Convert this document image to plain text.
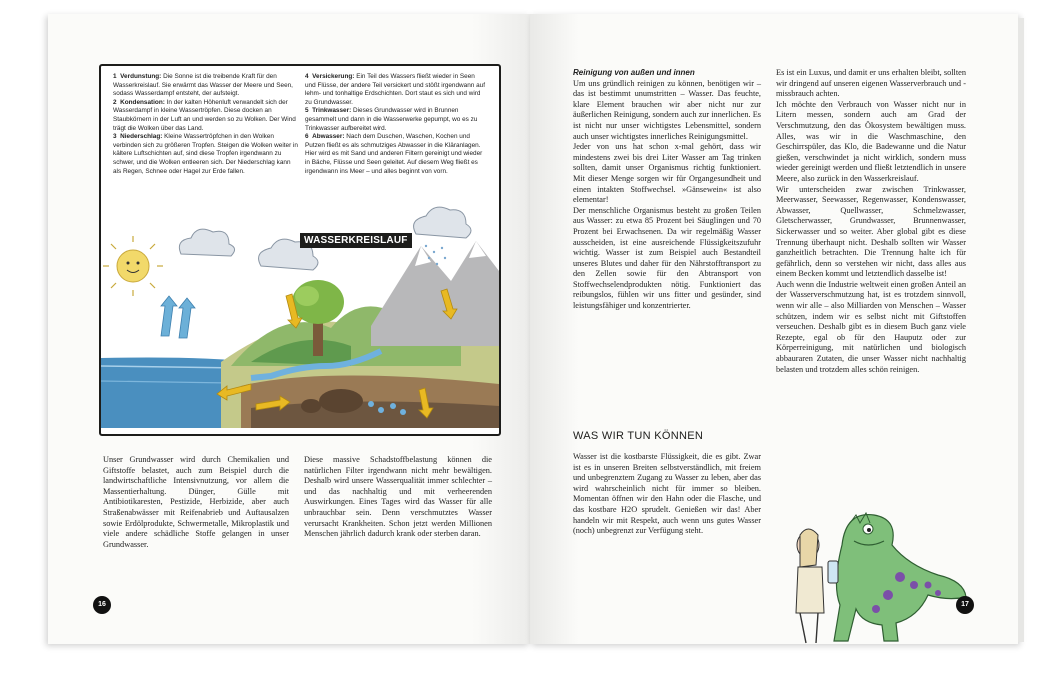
1 Verdunstung: Die Sonne ist die treibende Kraft für den Wasserkreislauf. Sie erwärmt das Wasser der Meere und Seen, sodass Wasserdampf entsteht, der aufsteigt.

2 Kondensation: In der kalten Höhenluft verwandelt sich der Wasserdampf in kleine Wassertröpfen. Diese docken an Staubkörnern in der Luft an und werden so zu Wolken. Der Wind trägt die Wolken über das Land.

3 Niederschlag: Kleine Wassertröpfchen in den Wolken verbinden sich zu größeren Tropfen. Steigen die Wolken weiter in kältere Luftschichten auf, sind diese Tropfen irgendwann zu schwer, und die Wolken entleeren sich. Der Niederschlag kann als Regen, Schnee oder Hagel zur Erde fallen.

4 Versickerung: Ein Teil des Wassers fließt wieder in Seen und Flüsse, der andere Teil versickert und stößt irgendwann auf lehm- und tonhaltige Erdschichten. Dort staut es sich und wird zu Grundwasser.

5 Trinkwasser: Dieses Grundwasser wird in Brunnen gesammelt und dann in die Wasserwerke gepumpt, wo es zu Trinkwasser aufbereitet wird.

6 Abwasser: Nach dem Duschen, Waschen, Kochen und Putzen fließt es als schmutziges Abwasser in die Kläranlagen. Hier wird es mit Sand und anderen Filtern gereinigt und wieder in Bäche, Flüsse und Seen geleitet. Auf diesem Weg fließt es irgendwann ins Meer – und alles beginnt von vorn.

WASSERKREISLAUF

Unser Grundwasser wird durch Chemikalien und Giftstoffe belastet, auch zum Beispiel durch die landwirtschaftliche Intensivnutzung, vor allem die Massentierhaltung. Dünger, Gülle mit Antibiotikaresten, Pestizide, Herbizide, aber auch Straßenabwässer mit Reifenabrieb und Auftausalzen sowie Erdölprodukte, Schwermetalle, Mikroplastik und viele andere schädliche Stoffe gelangen in unser Grundwasser.

Diese massive Schadstoffbelastung können die natürlichen Filter irgendwann nicht mehr bewältigen. Deshalb wird unsere Wasserqualität immer schlechter – und das nachhaltig und mit verheerenden Auswirkungen. Eines Tages wird das Wasser für alle unbrauchbar sein. Denn verschmutztes Wasser verursacht Krankheiten. Schon jetzt werden Millionen Menschen jährlich dadurch krank oder sterben daran.

16

Reinigung von außen und innen

Um uns gründlich reinigen zu können, benötigen wir – das ist bestimmt unumstritten – Wasser. Das feuchte, klare Element brauchen wir aber nicht nur zur äußerlichen Reinigung, sondern auch zur innerlichen. Es ist nicht nur unser wichtigstes Lebensmittel, sondern auch unser wichtigstes innerliches Reinigungsmittel.

Jeder von uns hat schon x-mal gehört, dass wir mindestens zwei bis drei Liter Wasser am Tag trinken sollten, damit unser Organismus richtig funktioniert. Mit dieser Menge sorgen wir für Organgesundheit und einen intakten Stoffwechsel. »Gänsewein« ist also elementar!

Der menschliche Organismus besteht zu großen Teilen aus Wasser: zu etwa 85 Prozent bei Säuglingen und 70 Prozent bei Erwachsenen. Da wir regelmäßig Wasser ausscheiden, ist eine ausreichende Flüssigkeitszufuhr wichtig. Wasser ist zum Beispiel auch Bestandteil unseres Blutes und daher für den Nährstofftransport zu den Zellen sowie für den Abtransport von Stoffwechselendprodukten nötig. Funktioniert das reibungslos, fühlen wir uns fitter und gesünder, sind leistungsfähiger und konzentrierter.

WAS WIR TUN KÖNNEN

Wasser ist die kostbarste Flüssigkeit, die es gibt. Zwar ist es in unseren Breiten selbstverständlich, mit freiem und unbegrenztem Zugang zu Wasser zu leben, aber das wird wahrscheinlich nicht für immer so bleiben. Momentan öffnen wir den Hahn oder die Flasche, und das kostbare H2O sprudelt. Genießen wir das! Aber handeln wir mit Respekt, auch wenn uns gutes Wasser (noch) unbegrenzt zur Verfügung steht.

Es ist ein Luxus, und damit er uns erhalten bleibt, sollten wir dringend auf unseren eigenen Wasserverbrauch und -missbrauch achten.

Ich möchte den Verbrauch von Wasser nicht nur in Litern messen, sondern auch am Grad der Verschmutzung, den das Ökosystem bewältigen muss. Alles, was wir in die Waschmaschine, den Geschirrspüler, das Klo, die Badewanne und die Natur gießen, verschwindet ja nicht wirklich, sondern muss wieder gereinigt werden und fließt letztendlich in unsere Meere, also zurück in den Wasserkreislauf.

Wir unterscheiden zwar zwischen Trinkwasser, Meerwasser, Seewasser, Regenwasser, Kondenswasser, Abwasser, Quellwasser, Schmelzwasser, Gletscherwasser, Grundwasser, Brunnenwasser, Sickerwasser und so weiter. Aber global gibt es diese Trennung überhaupt nicht. Deshalb sollten wir Wasser ganzheitlich betrachten. Die Trennung halte ich für gefährlich, denn so verstehen wir nicht, dass alles aus einem Becken kommt und letztendlich dasselbe ist!

Auch wenn die Industrie weltweit einen großen Anteil an der Wasserverschmutzung hat, ist es trotzdem sinnvoll, wenn wir alle – also Milliarden von Menschen – Wasser schützen, indem wir es selbst nicht mit Giftstoffen verseuchen. Deshalb gibt es in diesem Buch ganz viele Rezepte, egal ob für den Hauputz oder zur Körperreinigung, mit natürlichen und biologisch abbauraren Zutaten, die unser Wasser nicht nachhaltig belasten und trotzdem alles schön reinigen.

17
